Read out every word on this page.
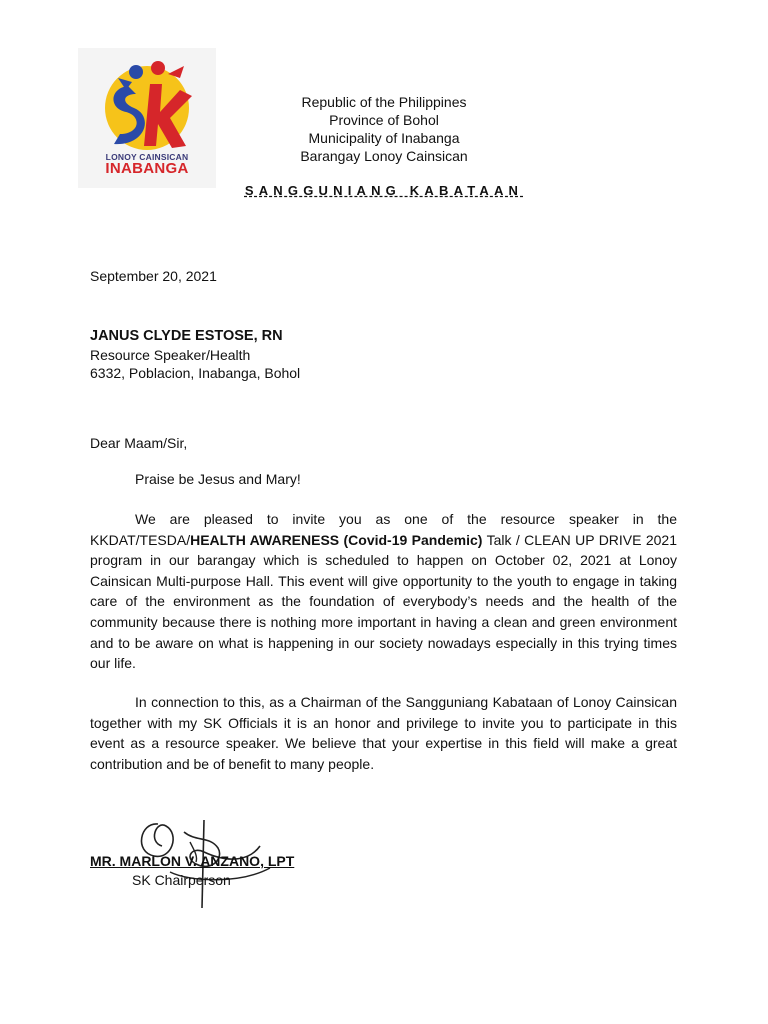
LONOY CAINSICAN
INABANGA
Republic of the Philippines
Province of Bohol
Municipality of Inabanga
Barangay Lonoy Cainsican
SANGGUNIANG KABATAAN
September 20, 2021
JANUS CLYDE ESTOSE, RN
Resource Speaker/Health
6332, Poblacion, Inabanga, Bohol
Dear Maam/Sir,
Praise be Jesus and Mary!
We are pleased to invite you as one of the resource speaker in the KKDAT/TESDA/HEALTH AWARENESS (Covid-19 Pandemic) Talk / CLEAN UP DRIVE 2021 program in our barangay which is scheduled to happen on October 02, 2021 at Lonoy Cainsican Multi-purpose Hall. This event will give opportunity to the youth to engage in taking care of the environment as the foundation of everybody’s needs and the health of the community because there is nothing more important in having a clean and green environment and to be aware on what is happening in our society nowadays especially in this trying times our life.
In connection to this, as a Chairman of the Sangguniang Kabataan of Lonoy Cainsican together with my SK Officials it is an honor and privilege to invite you to participate in this event as a resource speaker. We believe that your expertise in this field will make a great contribution and be of benefit to many people.
MR. MARLON V. ANZANO, LPT
SK Chairperson
